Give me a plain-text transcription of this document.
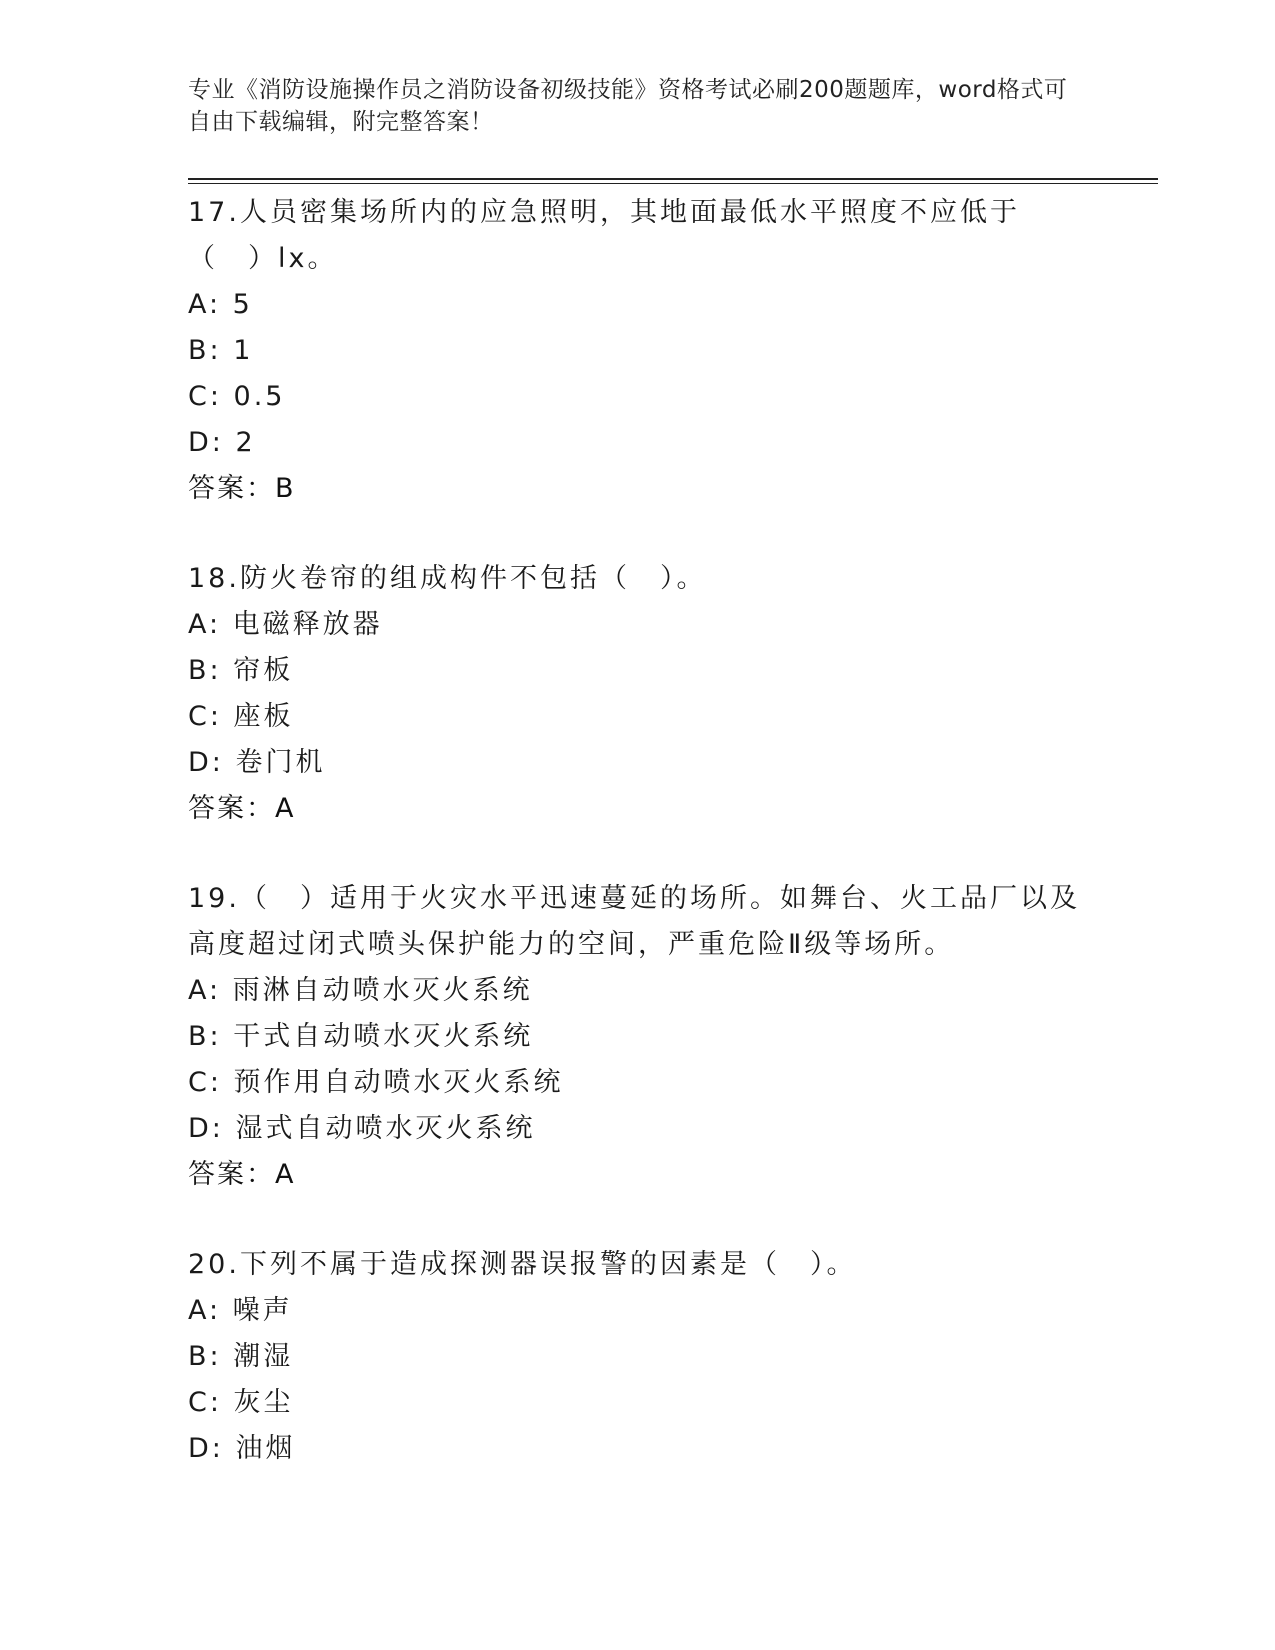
专业《消防设施操作员之消防设备初级技能》资格考试必刷200题题库，word格式可自由下载编辑，附完整答案！
17.人员密集场所内的应急照明，其地面最低水平照度不应低于（　）lx。
A: 5
B: 1
C: 0.5
D: 2
答案：B
18.防火卷帘的组成构件不包括（　）。
A: 电磁释放器
B: 帘板
C: 座板
D: 卷门机
答案：A
19.（　）适用于火灾水平迅速蔓延的场所。如舞台、火工品厂以及高度超过闭式喷头保护能力的空间，严重危险Ⅱ级等场所。
A: 雨淋自动喷水灭火系统
B: 干式自动喷水灭火系统
C: 预作用自动喷水灭火系统
D: 湿式自动喷水灭火系统
答案：A
20.下列不属于造成探测器误报警的因素是（　）。
A: 噪声
B: 潮湿
C: 灰尘
D: 油烟
